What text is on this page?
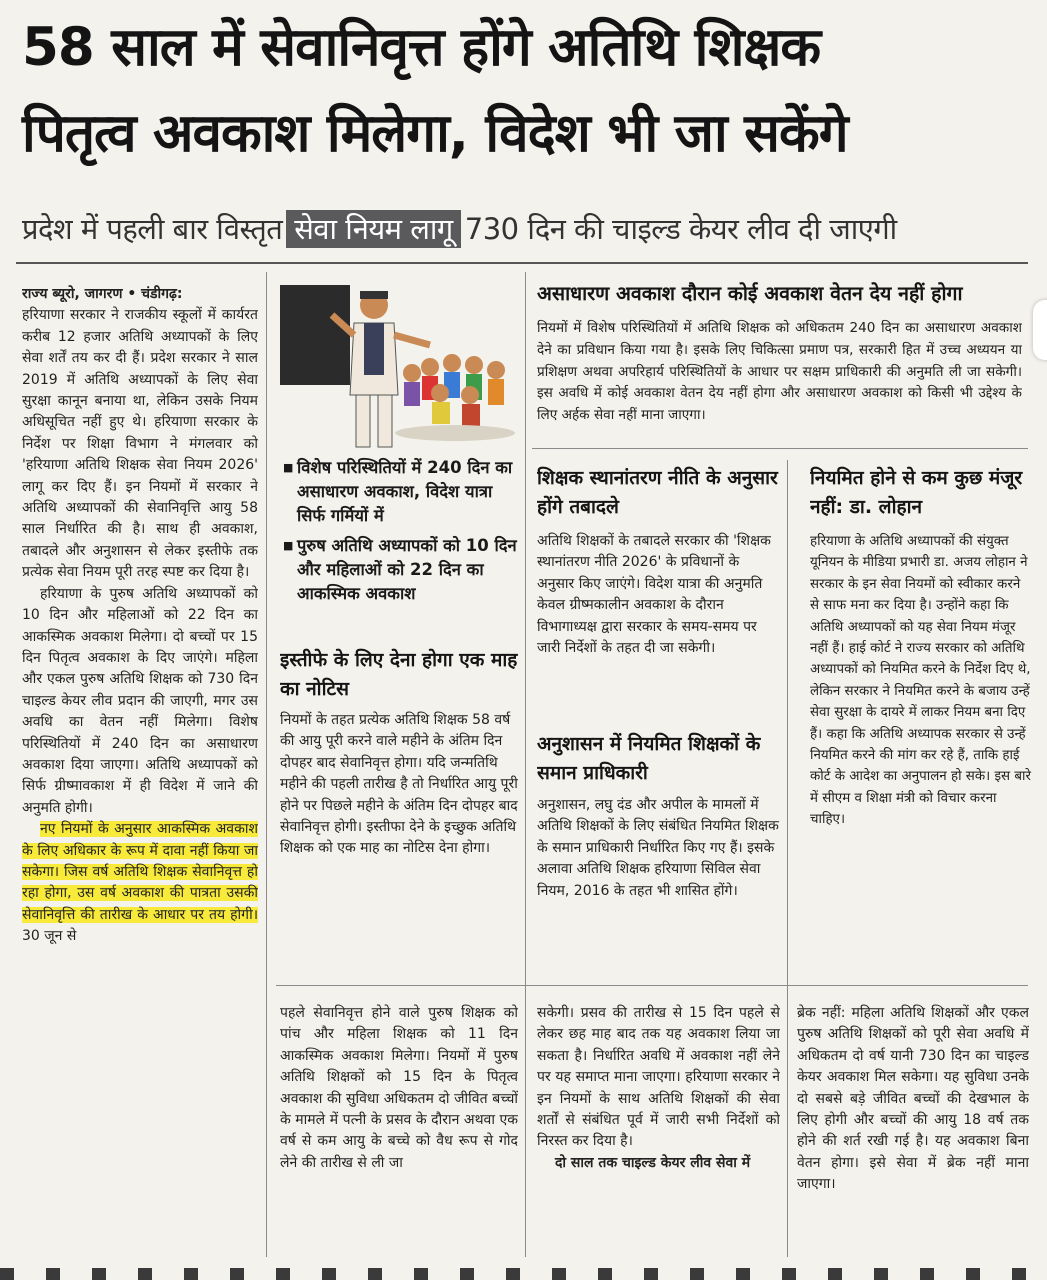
58 साल में सेवानिवृत्त होंगे अतिथि शिक्षक
पितृत्व अवकाश मिलेगा, विदेश भी जा सकेंगे
प्रदेश में पहली बार विस्तृत सेवा नियम लागू 730 दिन की चाइल्ड केयर लीव दी जाएगी

राज्य ब्यूरो, जागरण • चंडीगढ़:

हरियाणा सरकार ने राजकीय स्कूलों में कार्यरत करीब 12 हजार अतिथि अध्यापकों के लिए सेवा शर्तें तय कर दी हैं। प्रदेश सरकार ने साल 2019 में अतिथि अध्यापकों के लिए सेवा सुरक्षा कानून बनाया था, लेकिन उसके नियम अधिसूचित नहीं हुए थे। हरियाणा सरकार के निर्देश पर शिक्षा विभाग ने मंगलवार को 'हरियाणा अतिथि शिक्षक सेवा नियम 2026' लागू कर दिए हैं। इन नियमों में सरकार ने अतिथि अध्यापकों की सेवानिवृत्ति आयु 58 साल निर्धारित की है। साथ ही अवकाश, तबादले और अनुशासन से लेकर इस्तीफे तक प्रत्येक सेवा नियम पूरी तरह स्पष्ट कर दिया है।

हरियाणा के पुरुष अतिथि अध्यापकों को 10 दिन और महिलाओं को 22 दिन का आकस्मिक अवकाश मिलेगा। दो बच्चों पर 15 दिन पितृत्व अवकाश के दिए जाएंगे। महिला और एकल पुरुष अतिथि शिक्षक को 730 दिन चाइल्ड केयर लीव प्रदान की जाएगी, मगर उस अवधि का वेतन नहीं मिलेगा। विशेष परिस्थितियों में 240 दिन का असाधारण अवकाश दिया जाएगा। अतिथि अध्यापकों को सिर्फ ग्रीष्मावकाश में ही विदेश में जाने की अनुमति होगी।

नए नियमों के अनुसार आकस्मिक अवकाश के लिए अधिकार के रूप में दावा नहीं किया जा सकेगा। जिस वर्ष अतिथि शिक्षक सेवानिवृत्त हो रहा होगा, उस वर्ष अवकाश की पात्रता उसकी सेवानिवृत्ति की तारीख के आधार पर तय होगी। 30 जून से

■ विशेष परिस्थितियों में 240 दिन का असाधारण अवकाश, विदेश यात्रा सिर्फ गर्मियों में
■ पुरुष अतिथि अध्यापकों को 10 दिन और महिलाओं को 22 दिन का आकस्मिक अवकाश
इस्तीफे के लिए देना होगा एक माह का नोटिस
नियमों के तहत प्रत्येक अतिथि शिक्षक 58 वर्ष की आयु पूरी करने वाले महीने के अंतिम दिन दोपहर बाद सेवानिवृत्त होगा। यदि जन्मतिथि महीने की पहली तारीख है तो निर्धारित आयु पूरी होने पर पिछले महीने के अंतिम दिन दोपहर बाद सेवानिवृत्त होगी। इस्तीफा देने के इच्छुक अतिथि शिक्षक को एक माह का नोटिस देना होगा।
असाधारण अवकाश दौरान कोई अवकाश वेतन देय नहीं होगा
नियमों में विशेष परिस्थितियों में अतिथि शिक्षक को अधिकतम 240 दिन का असाधारण अवकाश देने का प्रविधान किया गया है। इसके लिए चिकित्सा प्रमाण पत्र, सरकारी हित में उच्च अध्ययन या प्रशिक्षण अथवा अपरिहार्य परिस्थितियों के आधार पर सक्षम प्राधिकारी की अनुमति ली जा सकेगी। इस अवधि में कोई अवकाश वेतन देय नहीं होगा और असाधारण अवकाश को किसी भी उद्देश्य के लिए अर्हक सेवा नहीं माना जाएगा।
शिक्षक स्थानांतरण नीति के अनुसार होंगे तबादले
अतिथि शिक्षकों के तबादले सरकार की 'शिक्षक स्थानांतरण नीति 2026' के प्रविधानों के अनुसार किए जाएंगे। विदेश यात्रा की अनुमति केवल ग्रीष्मकालीन अवकाश के दौरान विभागाध्यक्ष द्वारा सरकार के समय-समय पर जारी निर्देशों के तहत दी जा सकेगी।
अनुशासन में नियमित शिक्षकों के समान प्राधिकारी
अनुशासन, लघु दंड और अपील के मामलों में अतिथि शिक्षकों के लिए संबंधित नियमित शिक्षक के समान प्राधिकारी निर्धारित किए गए हैं। इसके अलावा अतिथि शिक्षक हरियाणा सिविल सेवा नियम, 2016 के तहत भी शासित होंगे।
नियमित होने से कम कुछ मंजूर नहीं: डा. लोहान
हरियाणा के अतिथि अध्यापकों की संयुक्त यूनियन के मीडिया प्रभारी डा. अजय लोहान ने सरकार के इन सेवा नियमों को स्वीकार करने से साफ मना कर दिया है। उन्होंने कहा कि अतिथि अध्यापकों को यह सेवा नियम मंजूर नहीं हैं। हाई कोर्ट ने राज्य सरकार को अतिथि अध्यापकों को नियमित करने के निर्देश दिए थे, लेकिन सरकार ने नियमित करने के बजाय उन्हें सेवा सुरक्षा के दायरे में लाकर नियम बना दिए हैं। कहा कि अतिथि अध्यापक सरकार से उन्हें नियमित करने की मांग कर रहे हैं, ताकि हाई कोर्ट के आदेश का अनुपालन हो सके। इस बारे में सीएम व शिक्षा मंत्री को विचार करना चाहिए।
पहले सेवानिवृत्त होने वाले पुरुष शिक्षक को पांच और महिला शिक्षक को 11 दिन आकस्मिक अवकाश मिलेगा। नियमों में पुरुष अतिथि शिक्षकों को 15 दिन के पितृत्व अवकाश की सुविधा अधिकतम दो जीवित बच्चों के मामले में पत्नी के प्रसव के दौरान अथवा एक वर्ष से कम आयु के बच्चे को वैध रूप से गोद लेने की तारीख से ली जा

सकेगी। प्रसव की तारीख से 15 दिन पहले से लेकर छह माह बाद तक यह अवकाश लिया जा सकता है। निर्धारित अवधि में अवकाश नहीं लेने पर यह समाप्त माना जाएगा। हरियाणा सरकार ने इन नियमों के साथ अतिथि शिक्षकों की सेवा शर्तों से संबंधित पूर्व में जारी सभी निर्देशों को निरस्त कर दिया है।

दो साल तक चाइल्ड केयर लीव सेवा में

ब्रेक नहीं: महिला अतिथि शिक्षकों और एकल पुरुष अतिथि शिक्षकों को पूरी सेवा अवधि में अधिकतम दो वर्ष यानी 730 दिन का चाइल्ड केयर अवकाश मिल सकेगा। यह सुविधा उनके दो सबसे बड़े जीवित बच्चों की देखभाल के लिए होगी और बच्चों की आयु 18 वर्ष तक होने की शर्त रखी गई है। यह अवकाश बिना वेतन होगा। इसे सेवा में ब्रेक नहीं माना जाएगा।
